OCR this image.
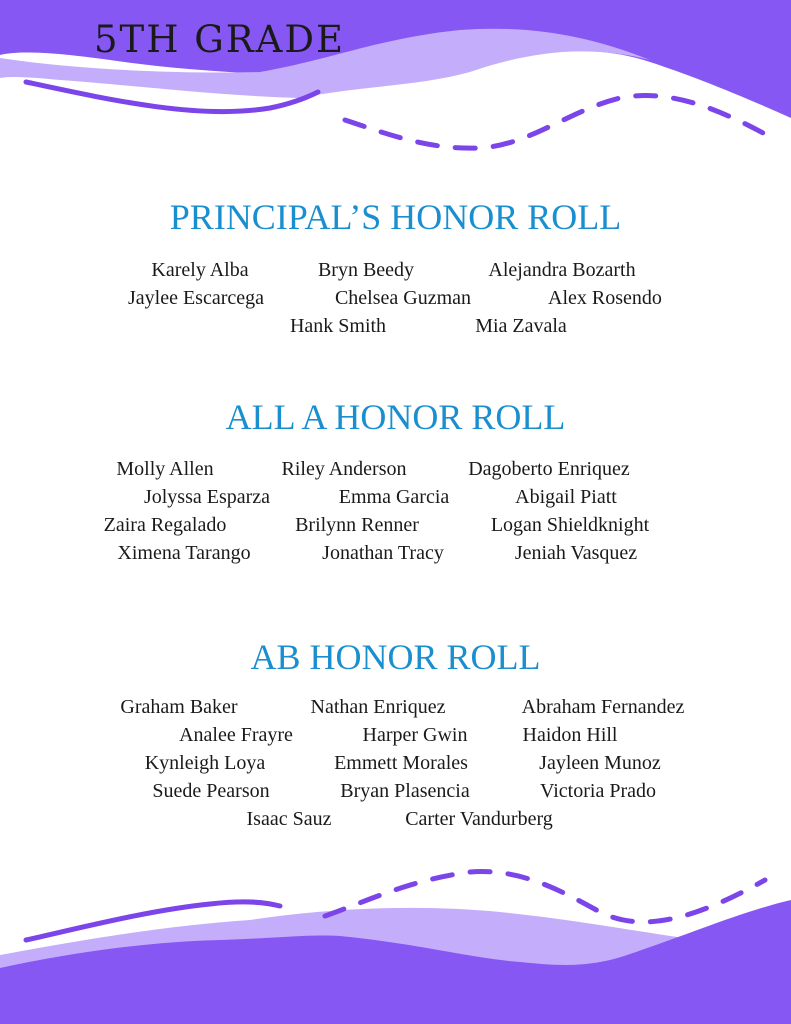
5TH GRADE
PRINCIPAL’S HONOR ROLL
Karely Alba	Bryn Beedy	Alejandra Bozarth
Jaylee Escarcega	Chelsea Guzman	Alex Rosendo
Hank Smith	Mia Zavala
ALL A HONOR ROLL
Molly Allen	Riley Anderson	Dagoberto Enriquez
Jolyssa Esparza	Emma Garcia	Abigail Piatt
Zaira Regalado	Brilynn Renner	Logan Shieldknight
Ximena Tarango	Jonathan Tracy	Jeniah Vasquez
AB HONOR ROLL
Graham Baker	Nathan Enriquez	Abraham Fernandez
Analee Frayre	Harper Gwin	Haidon Hill
Kynleigh Loya	Emmett Morales	Jayleen Munoz
Suede Pearson	Bryan Plasencia	Victoria Prado
Isaac Sauz	Carter Vandurberg
